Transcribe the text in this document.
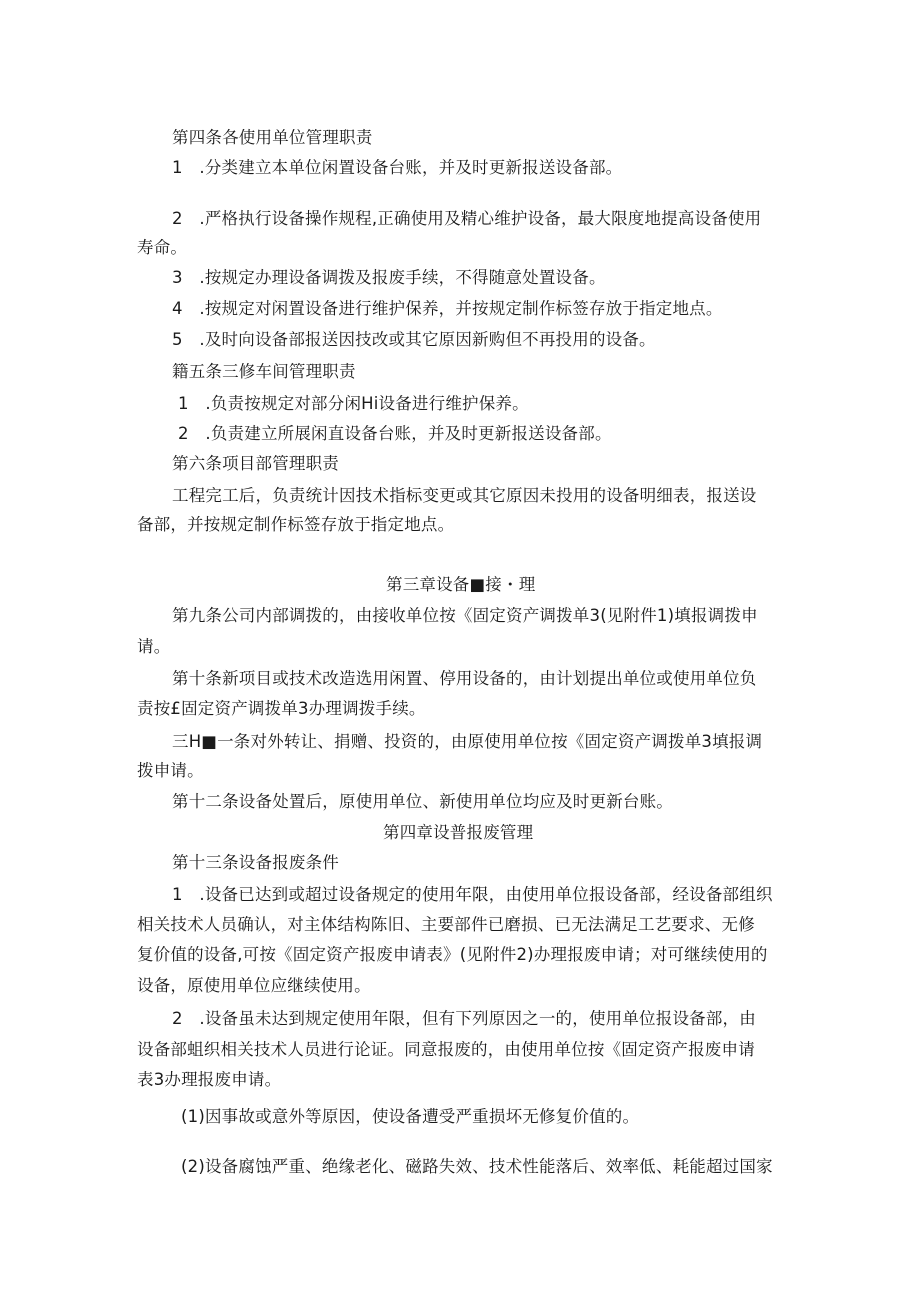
第四条各使用单位管理职责
1　.分类建立本单位闲置设备台账，并及时更新报送设备部。
2　.严格执行设备操作规程,正确使用及精心维护设备，最大限度地提高设备使用
寿命。
3　.按规定办理设备调拨及报废手续，不得随意处置设备。
4　.按规定对闲置设备进行维护保养，并按规定制作标签存放于指定地点。
5　.及时向设备部报送因技改或其它原因新购但不再投用的设备。
籍五条三修车间管理职责
1　.负责按规定对部分闲Hi设备进行维护保养。
2　.负责建立所展闲直设备台账，并及时更新报送设备部。
第六条项目部管理职责
工程完工后，负责统计因技术指标变更或其它原因未投用的设备明细表，报送设
备部，并按规定制作标签存放于指定地点。
第三章设备■接・理
第九条公司内部调拨的，由接收单位按《固定资产调拨单3(见附件1)填报调拨申
请。
第十条新项目或技术改造选用闲置、停用设备的，由计划提出单位或使用单位负
责按£固定资产调拨单3办理调拨手续。
三H■一条对外转让、捐赠、投资的，由原使用单位按《固定资产调拨单3填报调
拨申请。
第十二条设备处置后，原使用单位、新使用单位均应及时更新台账。
第四章设普报废管理
第十三条设备报废条件
1　.设备已达到或超过设备规定的使用年限，由使用单位报设备部，经设备部组织
相关技术人员确认，对主体结构陈旧、主要部件已磨损、已无法满足工艺要求、无修
复价值的设备,可按《固定资产报废申请表》(见附件2)办理报废申请；对可继续使用的
设备，原使用单位应继续使用。
2　.设备虽未达到规定使用年限，但有下列原因之一的，使用单位报设备部，由
设备部蛆织相关技术人员进行论证。同意报废的，由使用单位按《固定资产报废申请
表3办理报废申请。
(1)因事故或意外等原因，使设备遭受严重损坏无修复价值的。
(2)设备腐蚀严重、绝缘老化、磁路失效、技术性能落后、效率低、耗能超过国家
